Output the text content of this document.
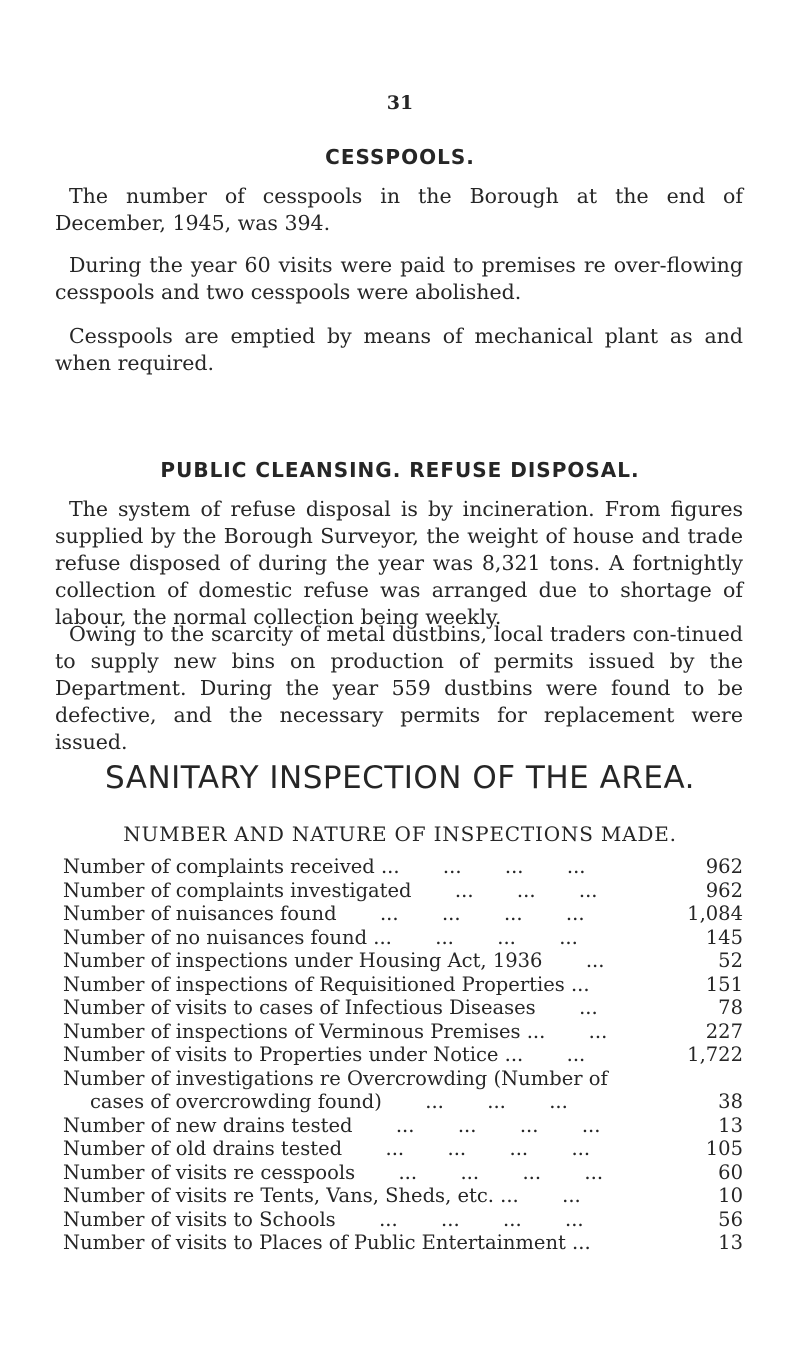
31
CESSPOOLS.

The number of cesspools in the Borough at the end of December, 1945, was 394.

During the year 60 visits were paid to premises re over-flowing cesspools and two cesspools were abolished.

Cesspools are emptied by means of mechanical plant as and when required.

PUBLIC CLEANSING. REFUSE DISPOSAL.

The system of refuse disposal is by incineration. From figures supplied by the Borough Surveyor, the weight of house and trade refuse disposed of during the year was 8,321 tons. A fortnightly collection of domestic refuse was arranged due to shortage of labour, the normal collection being weekly.

Owing to the scarcity of metal dustbins, local traders con-tinued to supply new bins on production of permits issued by the Department. During the year 559 dustbins were found to be defective, and the necessary permits for replacement were issued.

SANITARY INSPECTION OF THE AREA.
NUMBER AND NATURE OF INSPECTIONS MADE.
Number of complaints received ...       ...       ...       ...	962
Number of complaints investigated       ...       ...       ...	962
Number of nuisances found       ...       ...       ...       ...	1,084
Number of no nuisances found ...       ...       ...       ...	145
Number of inspections under Housing Act, 1936       ...	52
Number of inspections of Requisitioned Properties ...	151
Number of visits to cases of Infectious Diseases       ...	78
Number of inspections of Verminous Premises ...       ...	227
Number of visits to Properties under Notice ...       ...	1,722
Number of investigations re Overcrowding (Number of
cases of overcrowding found)       ...       ...       ...	38
Number of new drains tested       ...       ...       ...       ...	13
Number of old drains tested       ...       ...       ...       ...	105
Number of visits re cesspools       ...       ...       ...       ...	60
Number of visits re Tents, Vans, Sheds, etc. ...       ...	10
Number of visits to Schools       ...       ...       ...       ...	56
Number of visits to Places of Public Entertainment ...	13
